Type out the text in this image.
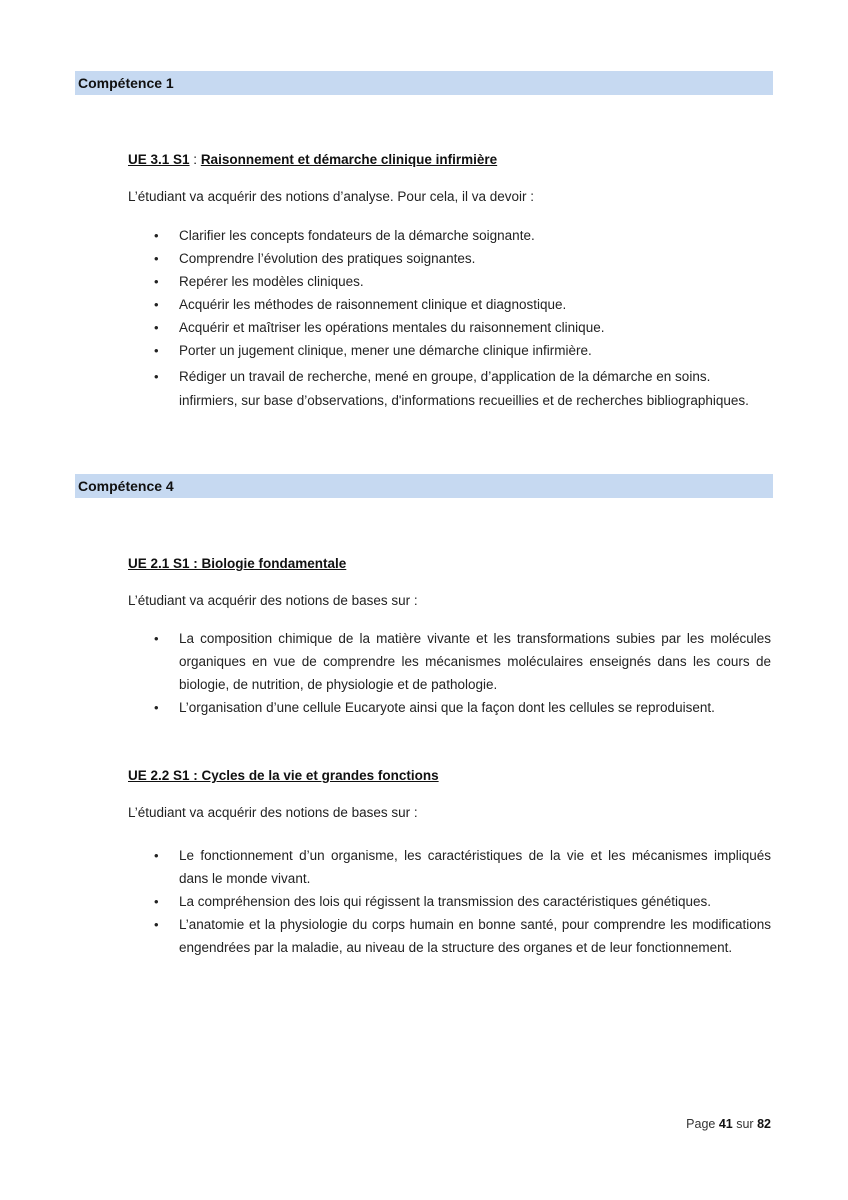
Compétence 1
UE 3.1 S1 : Raisonnement et démarche clinique infirmière
L’étudiant va acquérir des notions d’analyse. Pour cela, il va devoir :
• Clarifier les concepts fondateurs de la démarche soignante.
• Comprendre l’évolution des pratiques soignantes.
• Repérer les modèles cliniques.
• Acquérir les méthodes de raisonnement clinique et diagnostique.
• Acquérir et maîtriser les opérations mentales du raisonnement clinique.
• Porter un jugement clinique, mener une démarche clinique infirmière.
• Rédiger un travail de recherche, mené en groupe, d’application de la démarche en soins. infirmiers, sur base d’observations, d'informations recueillies et de recherches bibliographiques.
Compétence 4
UE 2.1 S1 : Biologie fondamentale
L’étudiant va acquérir des notions de bases sur :
• La composition chimique de la matière vivante et les transformations subies par les molécules organiques en vue de comprendre les mécanismes moléculaires enseignés dans les cours de biologie, de nutrition, de physiologie et de pathologie.
• L’organisation d’une cellule Eucaryote ainsi que la façon dont les cellules se reproduisent.
UE 2.2 S1 : Cycles de la vie et grandes fonctions
L’étudiant va acquérir des notions de bases sur :
• Le fonctionnement d’un organisme, les caractéristiques de la vie et les mécanismes impliqués dans le monde vivant.
• La compréhension des lois qui régissent la transmission des caractéristiques génétiques.
• L’anatomie et la physiologie du corps humain en bonne santé, pour comprendre les modifications engendrées par la maladie, au niveau de la structure des organes et de leur fonctionnement.
Page 41 sur 82
